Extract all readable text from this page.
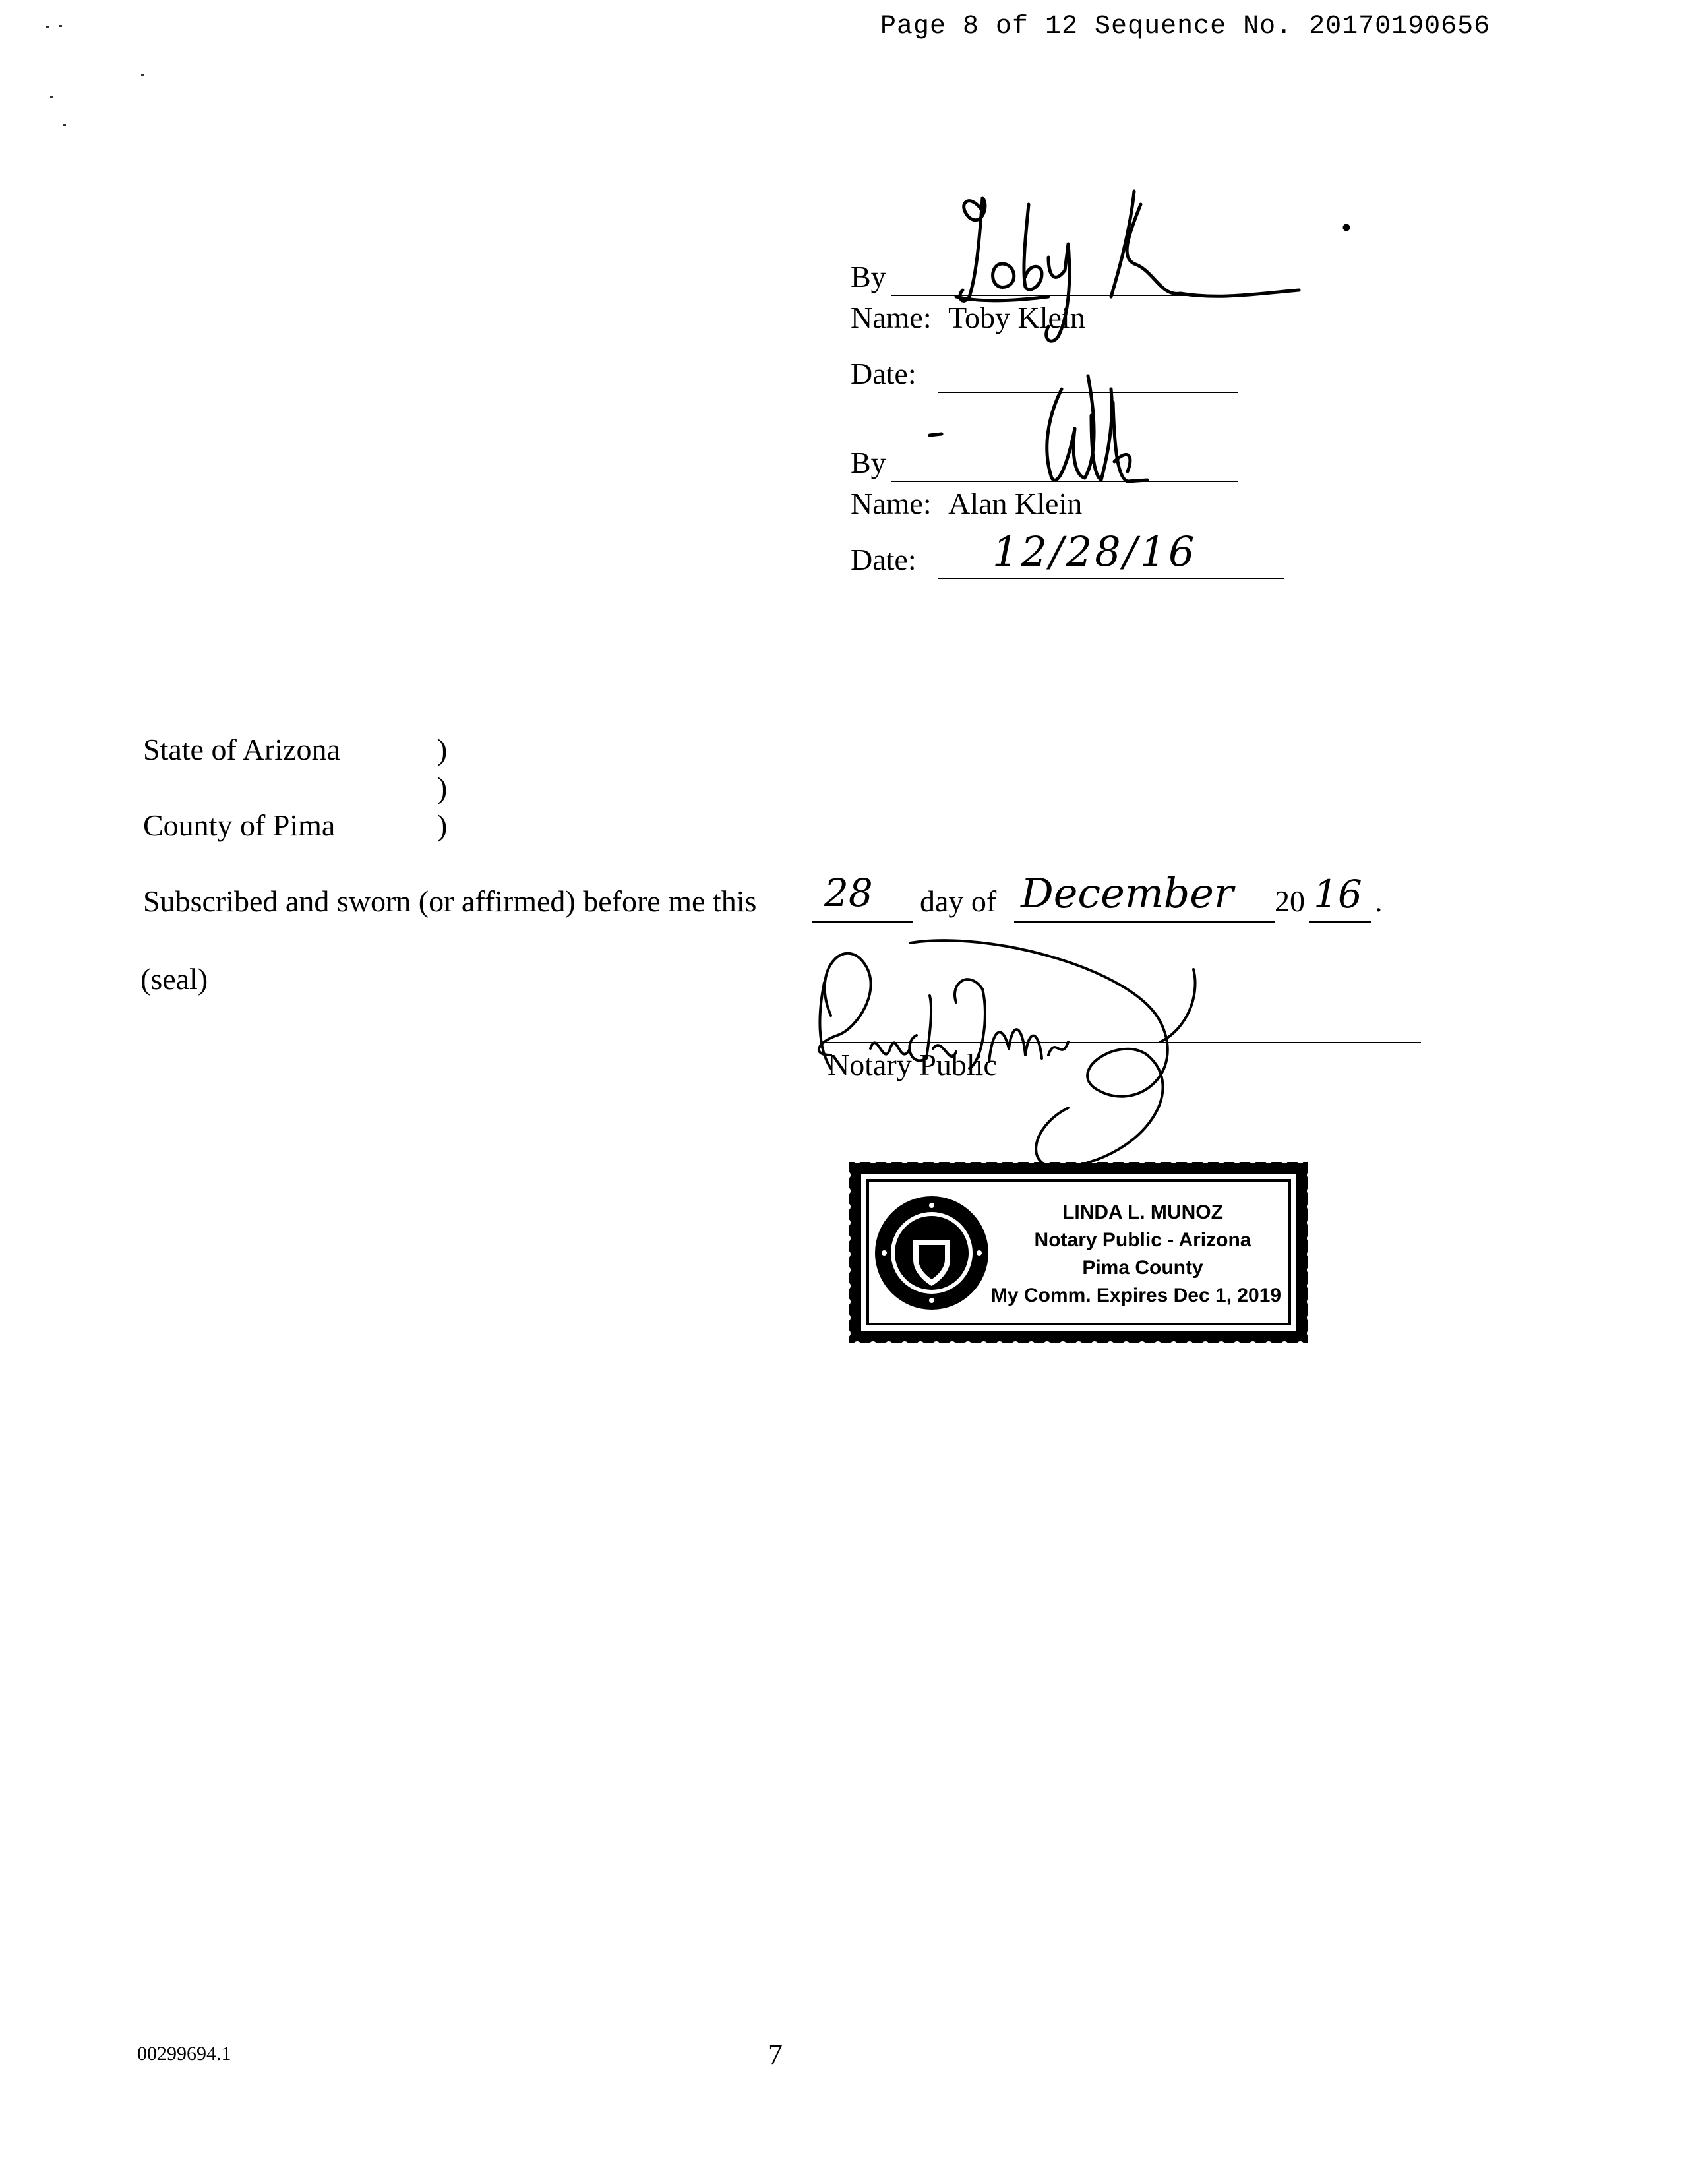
Page 8 of 12 Sequence No. 20170190656
By
Name: Toby Klein
Date:
By
Name: Alan Klein
Date: 12/28/16
State of Arizona	)
)
County of Pima	)
Subscribed and sworn (or affirmed) before me this 28 day of December 20 16 .
(seal)
Notary Public
LINDA L. MUNOZ
Notary Public - Arizona
Pima County
My Comm. Expires Dec 1, 2019
00299694.1	7
